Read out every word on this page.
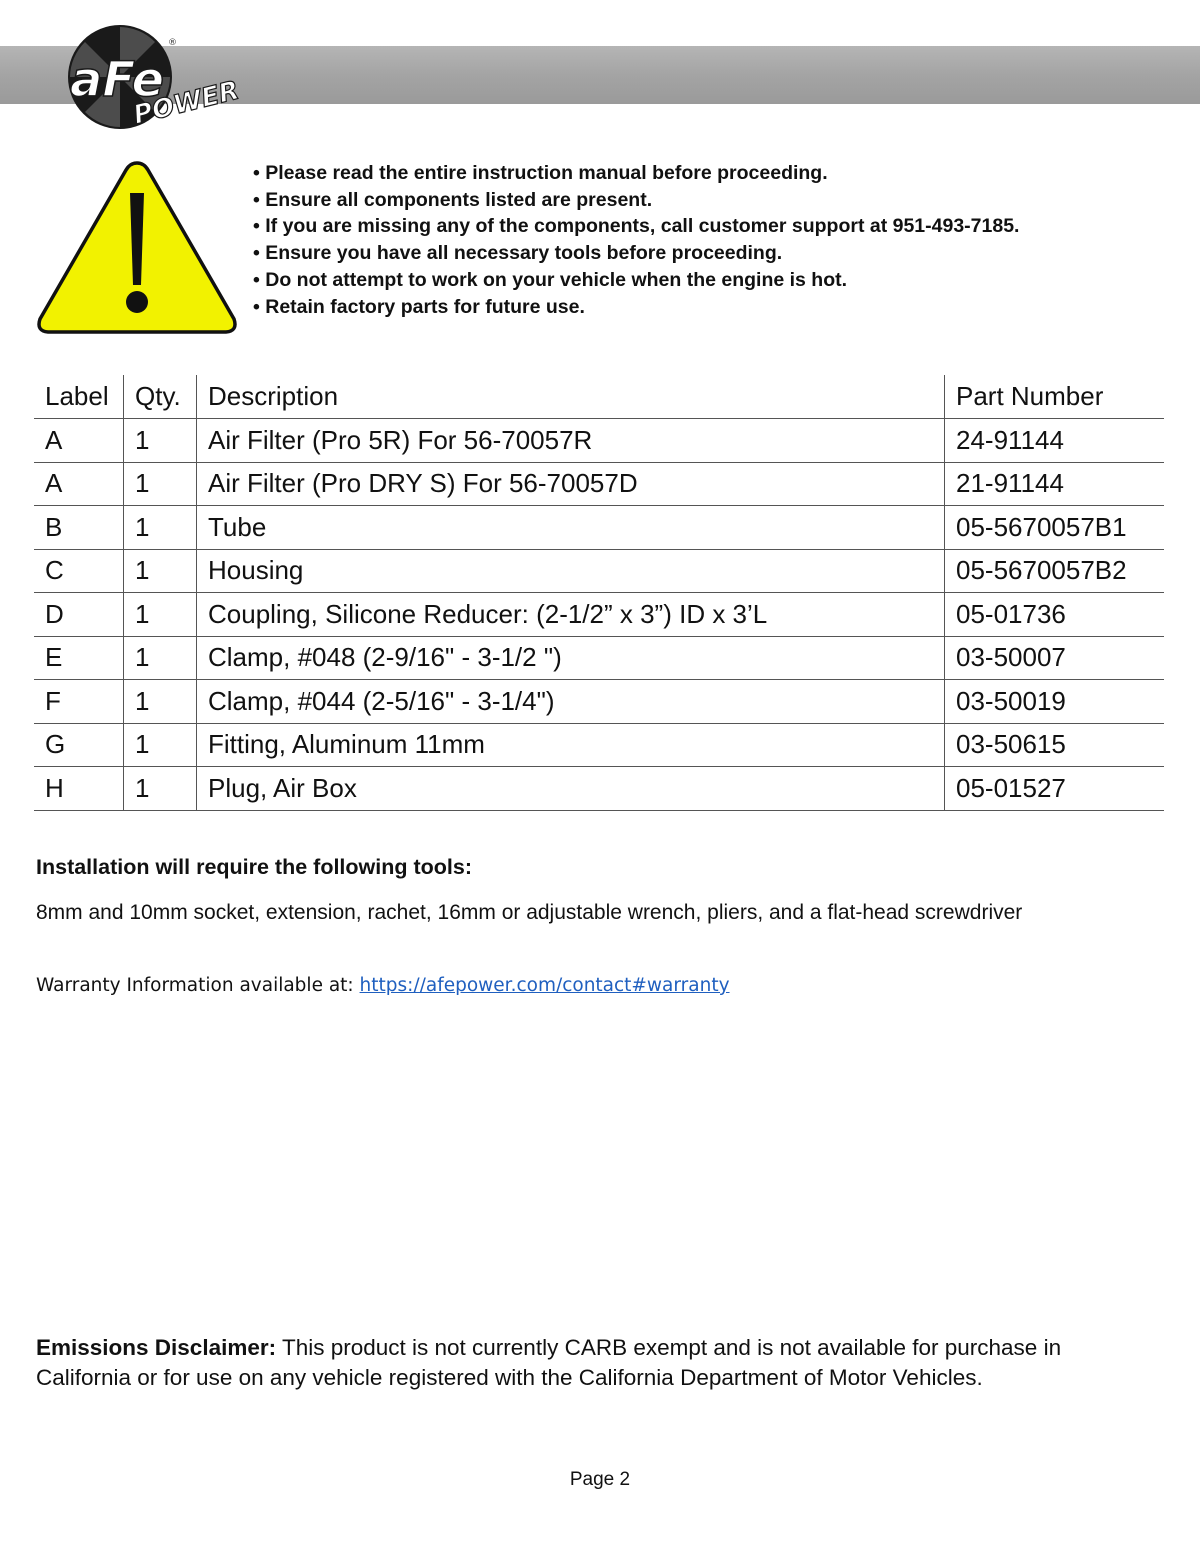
aFe
®
POWER
• Please read the entire instruction manual before proceeding.
• Ensure all components listed are present.
• If you are missing any of the components, call customer support at 951-493-7185.
• Ensure you have all necessary tools before proceeding.
• Do not attempt to work on your vehicle when the engine is hot.
• Retain factory parts for future use.
Label	Qty.	Description	Part Number
A	1	Air Filter (Pro 5R) For 56-70057R	24-91144
A	1	Air Filter (Pro DRY S) For 56-70057D	21-91144
B	1	Tube	05-5670057B1
C	1	Housing	05-5670057B2
D	1	Coupling, Silicone Reducer: (2-1/2” x 3”) ID x 3’L	05-01736
E	1	Clamp, #048 (2-9/16" - 3-1/2 ")	03-50007
F	1	Clamp, #044 (2-5/16" - 3-1/4")	03-50019
G	1	Fitting, Aluminum 11mm	03-50615
H	1	Plug, Air Box	05-01527

Installation will require the following tools:

8mm and 10mm socket, extension, rachet, 16mm or adjustable wrench, pliers, and a flat-head screwdriver

Warranty Information available at: https://afepower.com/contact#warranty

Emissions Disclaimer: This product is not currently CARB exempt and is not available for purchase in California or for use on any vehicle registered with the California Department of Motor Vehicles.

Page 2
